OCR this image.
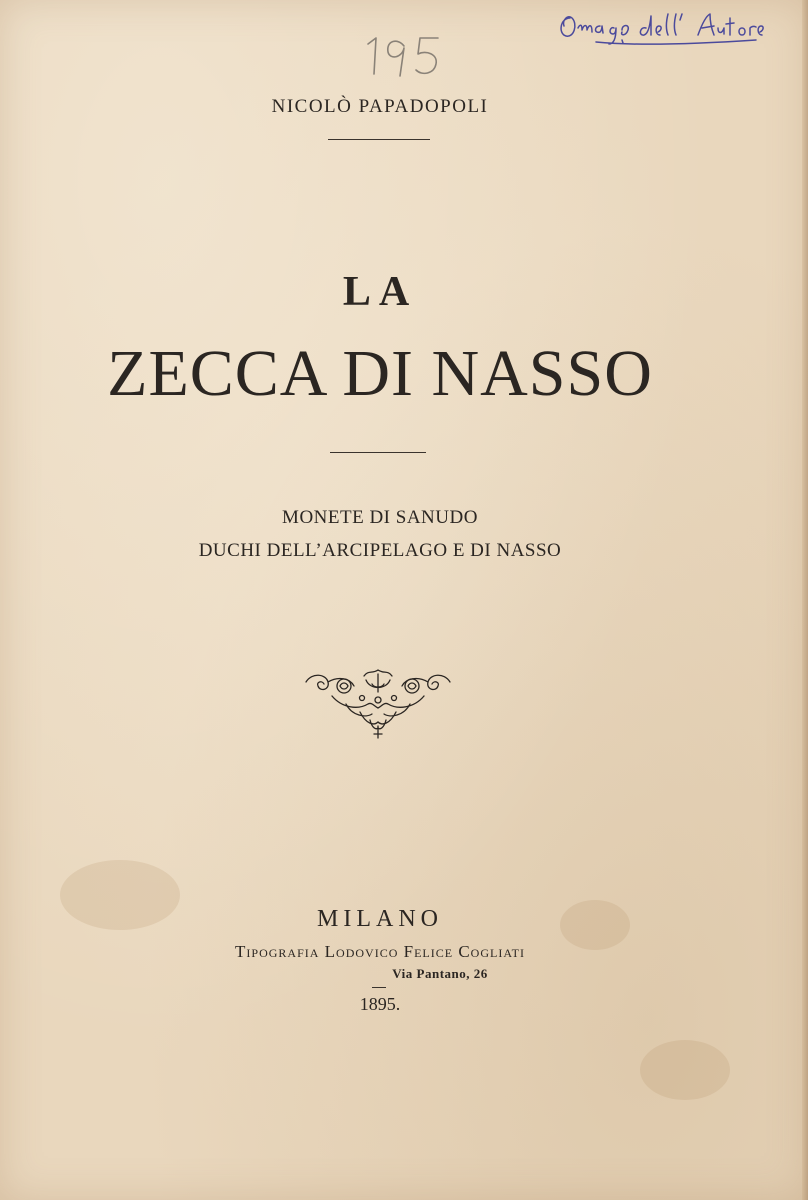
NICOLÒ PAPADOPOLI
LA
ZECCA DI NASSO
MONETE DI SANUDO
DUCHI DELL’ARCIPELAGO E DI NASSO
MILANO
Tipografia Lodovico Felice Cogliati
Via Pantano, 26
1895.
